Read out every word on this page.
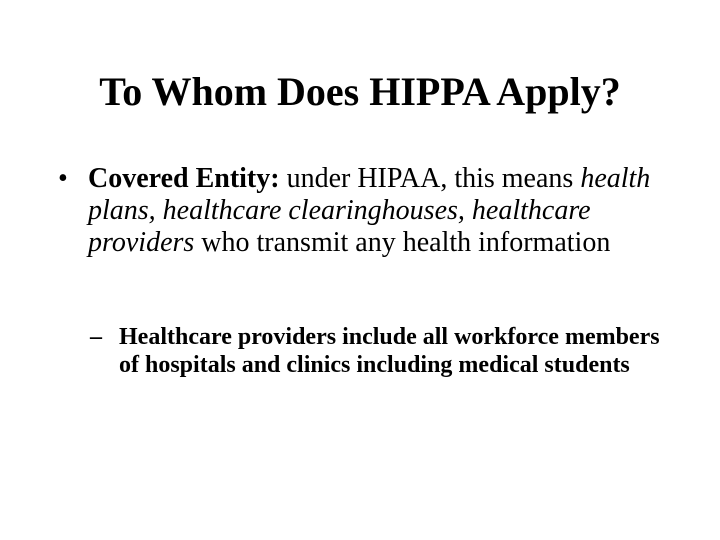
To Whom Does HIPPA Apply?
• Covered Entity: under HIPAA, this means health plans, healthcare clearinghouses, healthcare providers who transmit any health information
– Healthcare providers include all workforce members of hospitals and clinics including medical students
